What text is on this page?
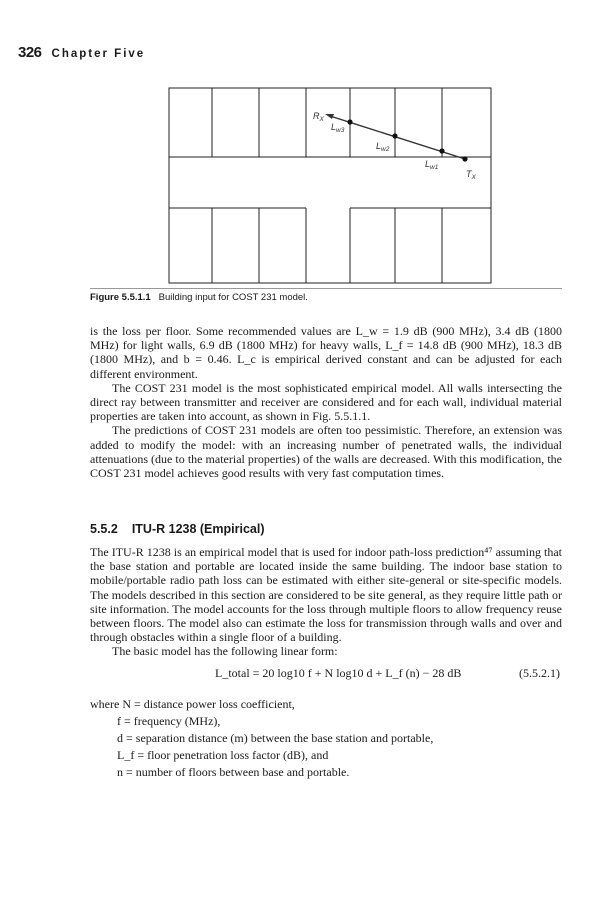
326 Chapter Five
$R_X$
$L_{w3}$
$L_{w2}$
$L_{w1}$
$T_X$
Figure 5.5.1.1 Building input for COST 231 model.

is the loss per floor. Some recommended values are L_w = 1.9 dB (900 MHz), 3.4 dB (1800 MHz) for light walls, 6.9 dB (1800 MHz) for heavy walls, L_f = 14.8 dB (900 MHz), 18.3 dB (1800 MHz), and b = 0.46. L_c is empirical derived constant and can be adjusted for each different environment.

The COST 231 model is the most sophisticated empirical model. All walls intersecting the direct ray between transmitter and receiver are considered and for each wall, individual material properties are taken into account, as shown in Fig. 5.5.1.1.

The predictions of COST 231 models are often too pessimistic. Therefore, an extension was added to modify the model: with an increasing number of penetrated walls, the individual attenuations (due to the material properties) of the walls are decreased. With this modification, the COST 231 model achieves good results with very fast computation times.

5.5.2 ITU-R 1238 (Empirical)

The ITU-R 1238 is an empirical model that is used for indoor path-loss prediction⁴⁷ assuming that the base station and portable are located inside the same building. The indoor base station to mobile/portable radio path loss can be estimated with either site-general or site-specific models. The models described in this section are considered to be site general, as they require little path or site information. The model accounts for the loss through multiple floors to allow frequency reuse between floors. The model also can estimate the loss for transmission through walls and over and through obstacles within a single floor of a building.

The basic model has the following linear form:

L_total = 20 log10 f + N log10 d + L_f (n) − 28 dB	(5.5.2.1)
where N = distance power loss coefficient,
f = frequency (MHz),
d = separation distance (m) between the base station and portable,
L_f = floor penetration loss factor (dB), and
n = number of floors between base and portable.
